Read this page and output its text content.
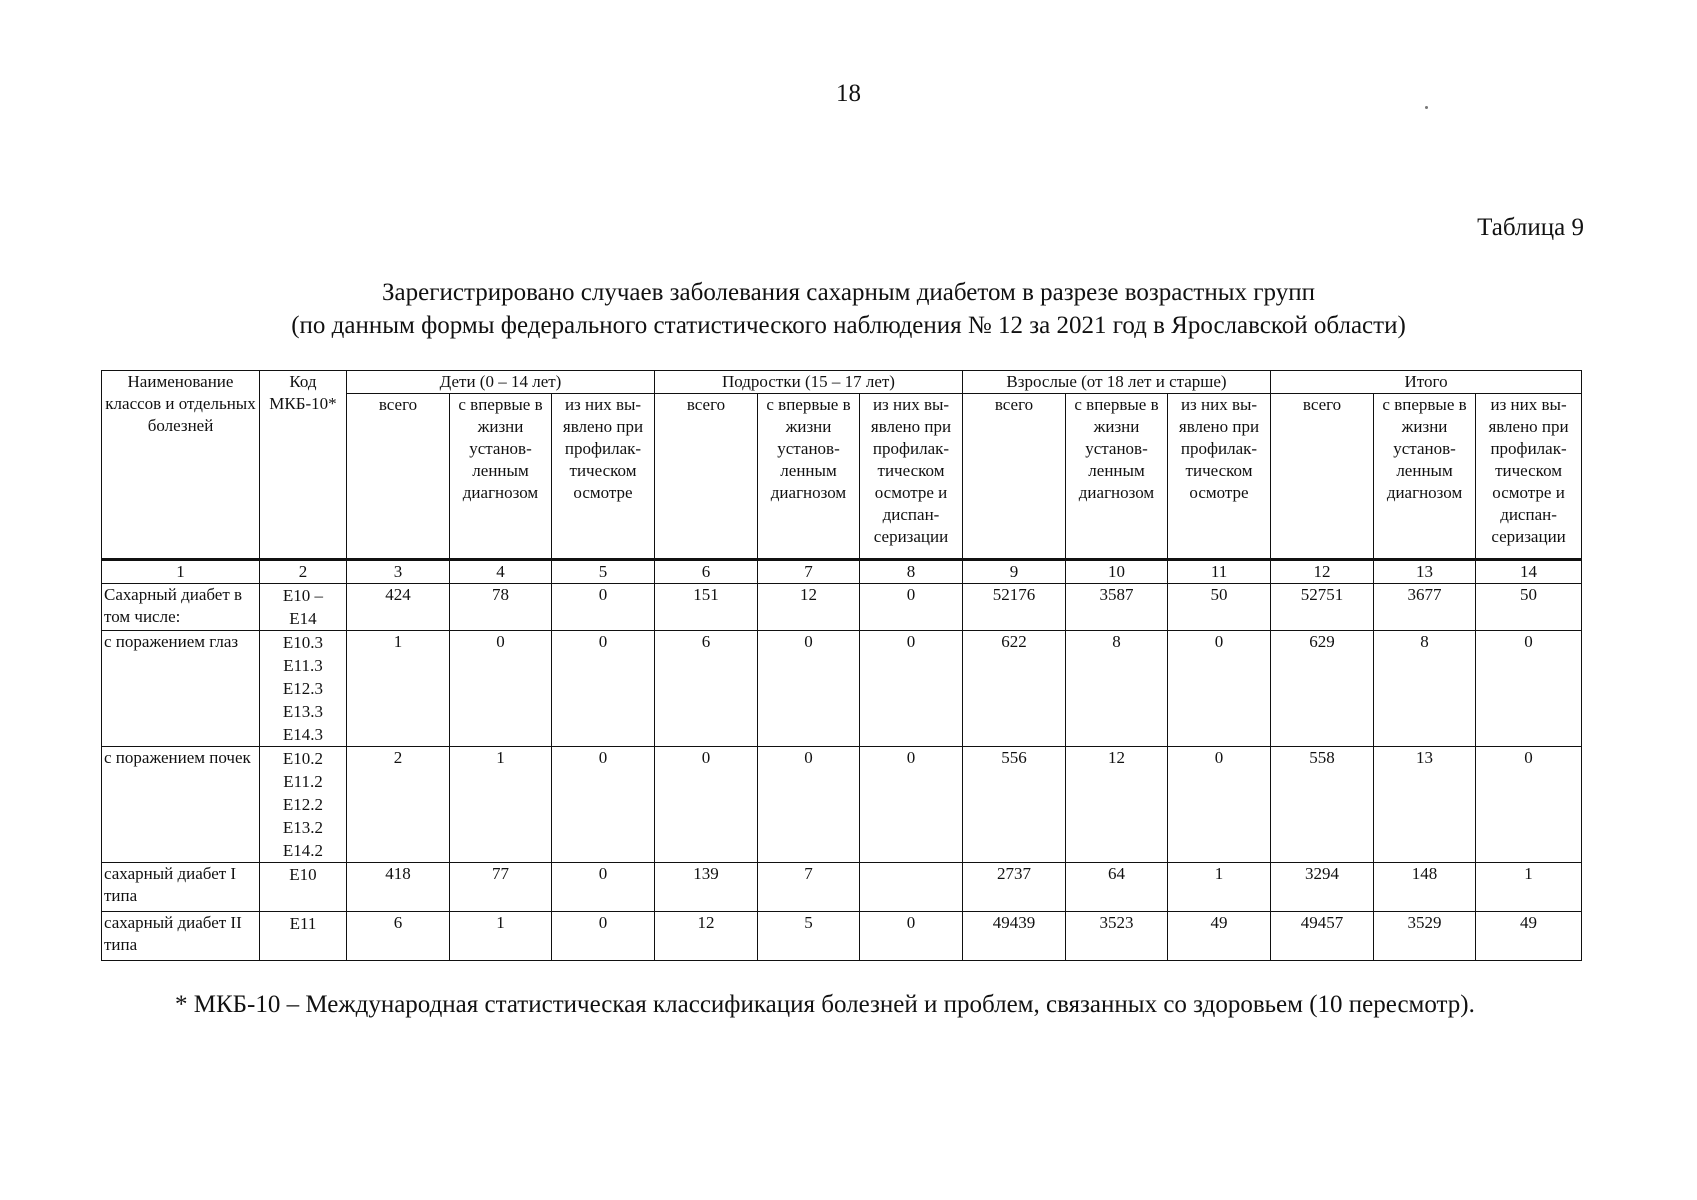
18
Таблица 9
Зарегистрировано случаев заболевания сахарным диабетом в разрезе возрастных групп
(по данным формы федерального статистического наблюдения № 12 за 2021 год в Ярославской области)
Наименование классов и отдельных болезней	Код МКБ-10*	Дети (0 – 14 лет)			Подростки (15 – 17 лет)			Взрослые (от 18 лет и старше)			Итого		
		всего	с впервые в жизни установ-ленным диагнозом	из них вы-явлено при профилак-тическом осмотре	всего	с впервые в жизни установ-ленным диагнозом	из них вы-явлено при профилак-тическом осмотре и диспан-серизации	всего	с впервые в жизни установ-ленным диагнозом	из них вы-явлено при профилак-тическом осмотре	всего	с впервые в жизни установ-ленным диагнозом	из них вы-явлено при профилак-тическом осмотре и диспан-серизации
1	2	3	4	5	6	7	8	9	10	11	12	13	14
Сахарный диабет в том числе:	E10 –
E14	424	78	0	151	12	0	52176	3587	50	52751	3677	50
с поражением глаз	E10.3
E11.3
E12.3
E13.3
E14.3	1	0	0	6	0	0	622	8	0	629	8	0
с поражением почек	E10.2
E11.2
E12.2
E13.2
E14.2	2	1	0	0	0	0	556	12	0	558	13	0
сахарный диабет I типа	E10	418	77	0	139	7		2737	64	1	3294	148	1
сахарный диабет II типа	E11	6	1	0	12	5	0	49439	3523	49	49457	3529	49
* МКБ-10 – Международная статистическая классификация болезней и проблем, связанных со здоровьем (10 пересмотр).
